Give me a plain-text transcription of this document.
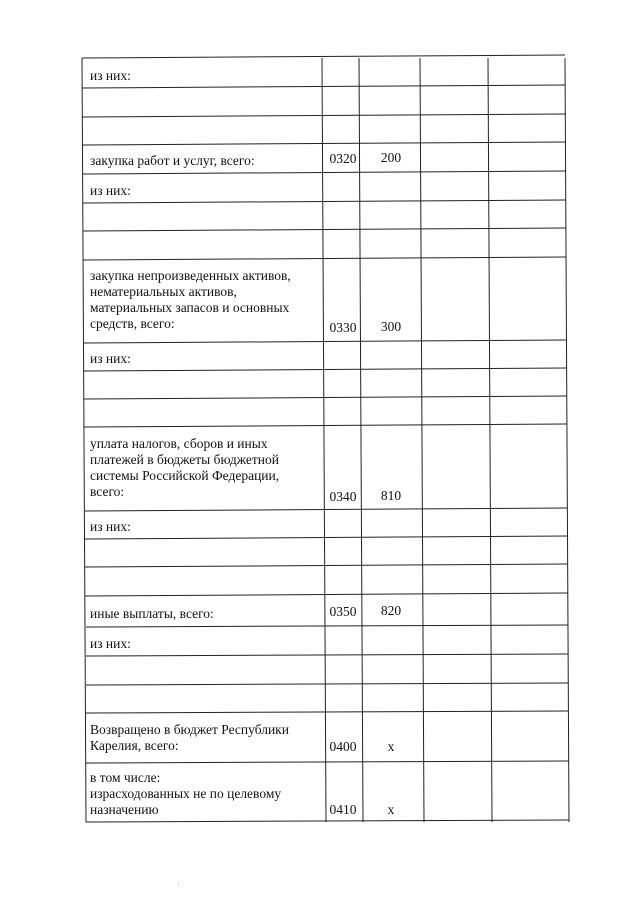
из них:
закупка работ и услуг, всего:	0320	200
из них:
закупка непроизведенных активов,
нематериальных активов,
материальных запасов и основных
средств, всего:	0330	300
из них:
уплата налогов, сборов и иных
платежей в бюджеты бюджетной
системы Российской Федерации,
всего:	0340	810
из них:
иные выплаты, всего:	0350	820
из них:
Возвращено в бюджет Республики
Карелия, всего:	0400	x
в том числе:
израсходованных не по целевому
назначению	0410	x
